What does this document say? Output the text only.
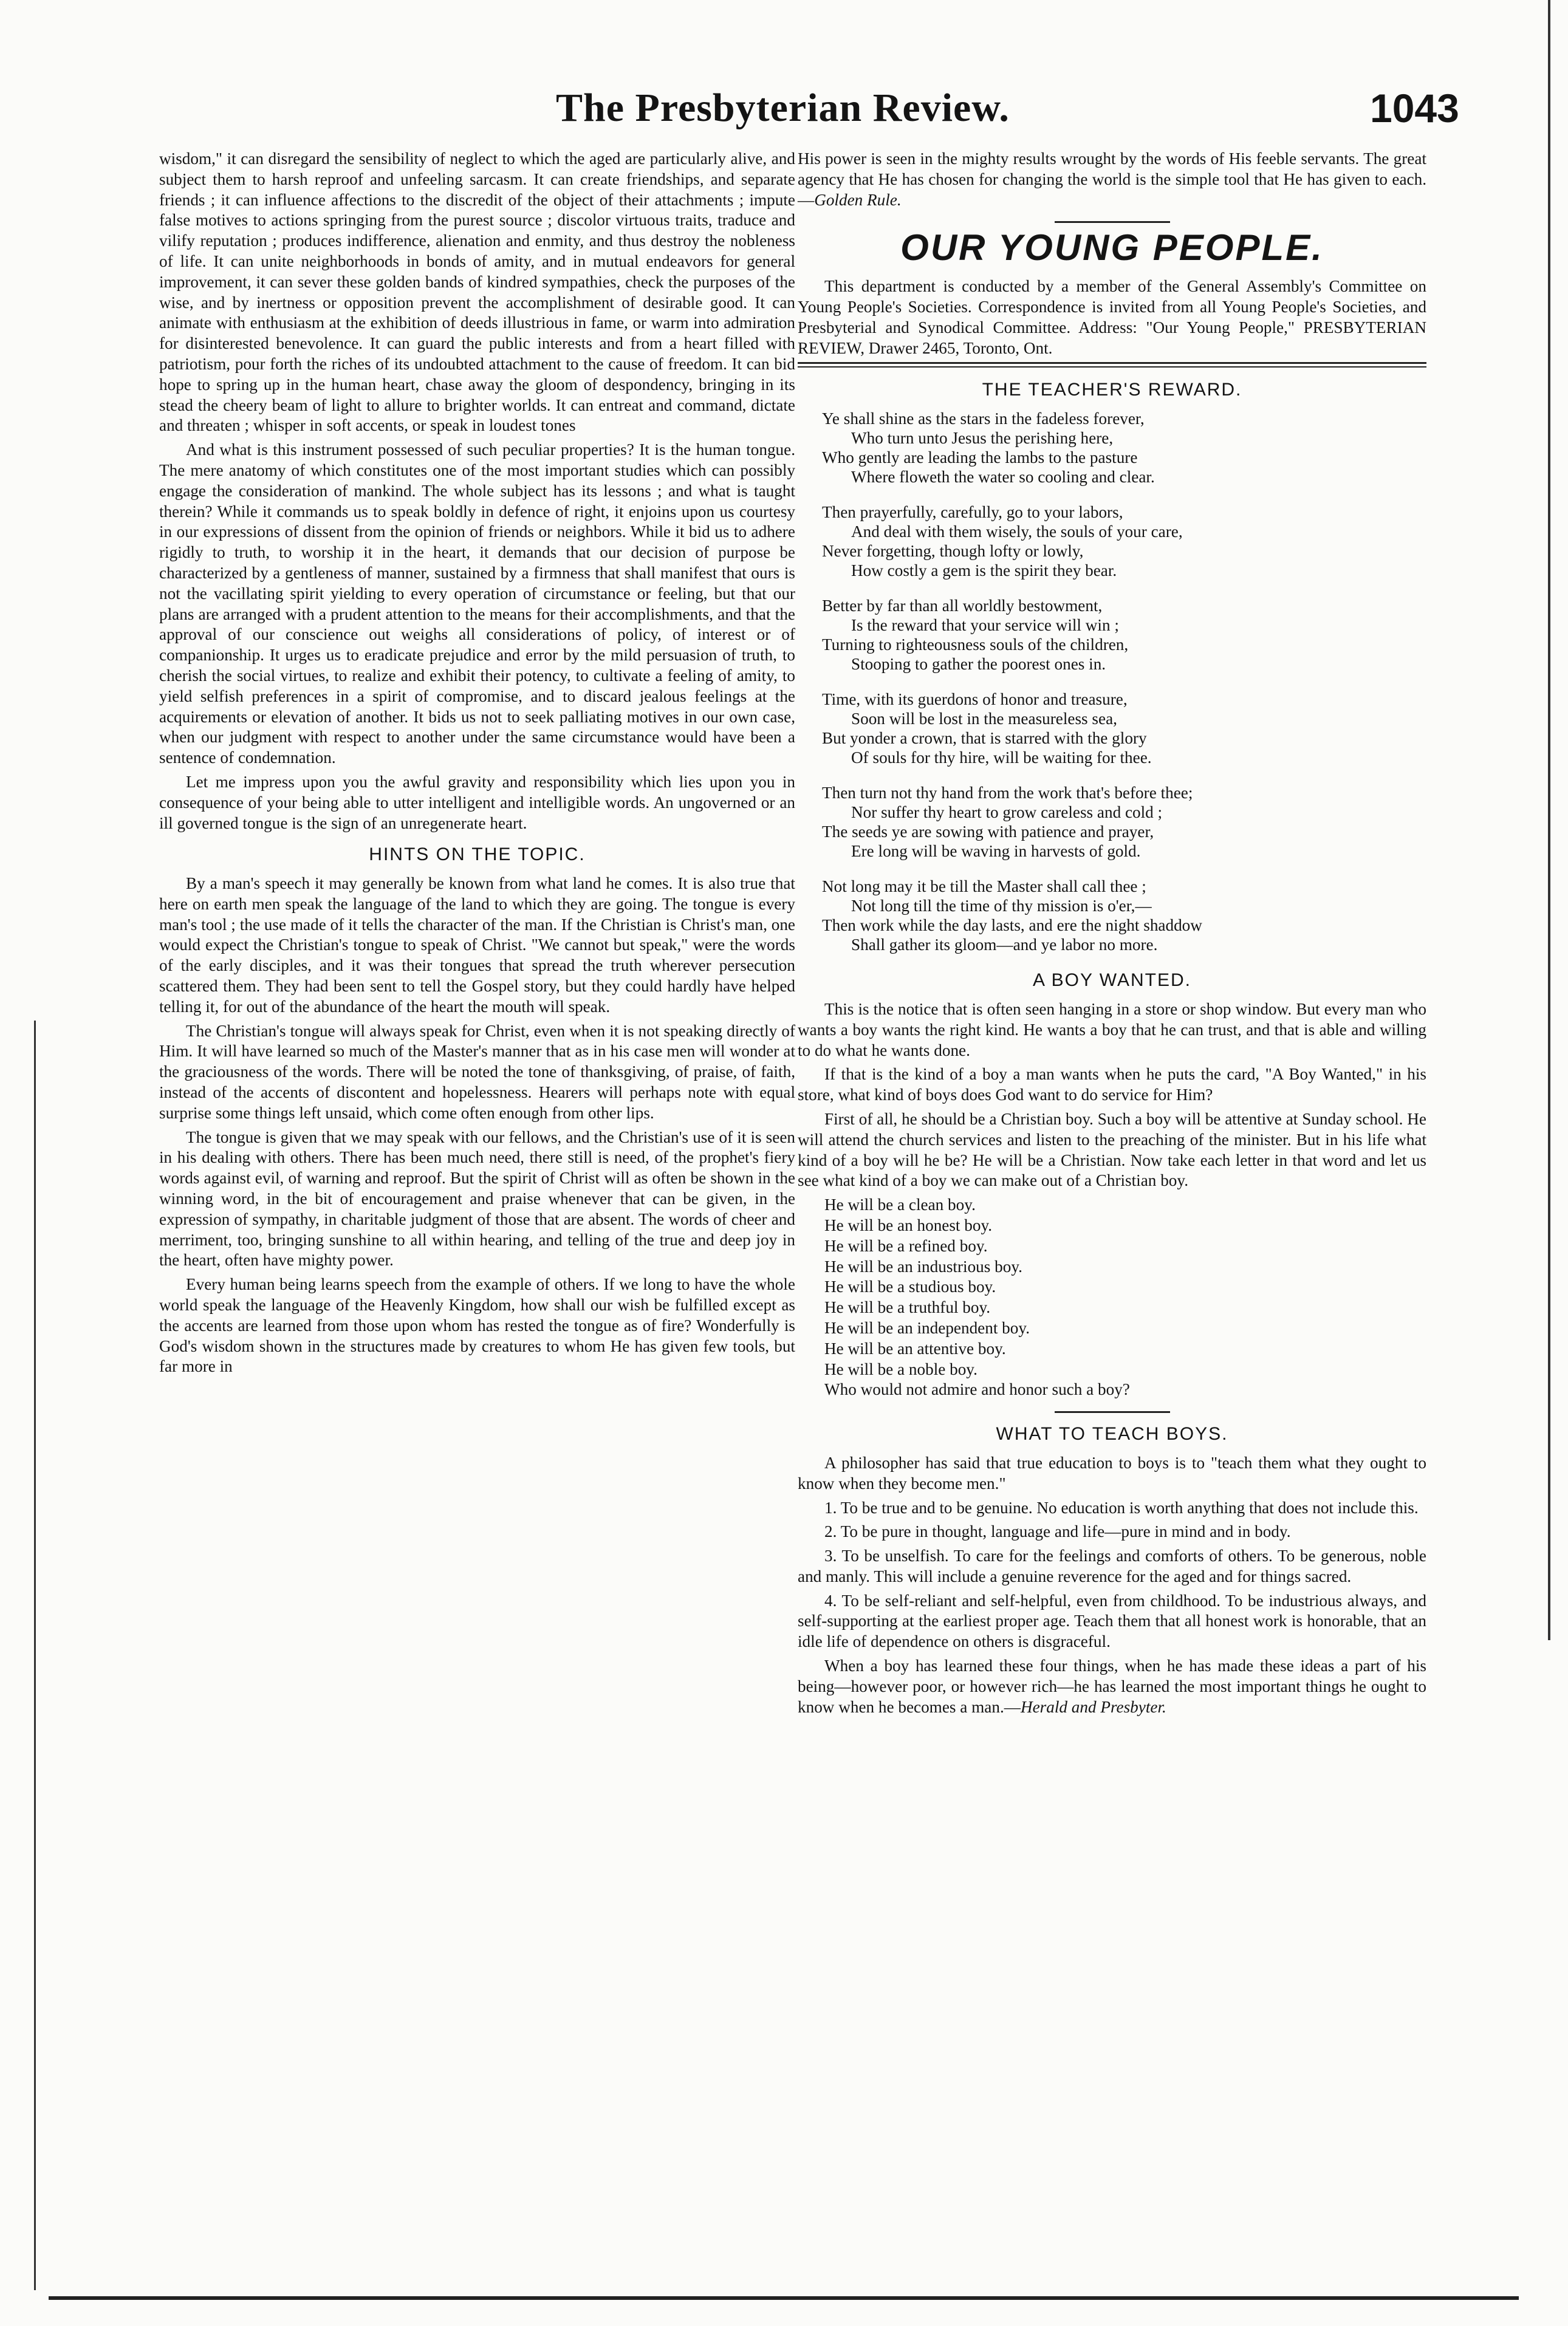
The Presbyterian Review.	1043

wisdom," it can disregard the sensibility of neglect to which the aged are particularly alive, and subject them to harsh reproof and unfeeling sarcasm. It can create friendships, and separate friends ; it can influence affections to the discredit of the object of their attachments ; impute false motives to actions springing from the purest source ; discolor virtuous traits, traduce and vilify reputation ; produces indifference, alienation and enmity, and thus destroy the nobleness of life. It can unite neighborhoods in bonds of amity, and in mutual endeavors for general improvement, it can sever these golden bands of kindred sympathies, check the purposes of the wise, and by inertness or opposition prevent the accomplishment of desirable good. It can animate with enthusiasm at the exhibition of deeds illustrious in fame, or warm into admiration for disinterested benevolence. It can guard the public interests and from a heart filled with patriotism, pour forth the riches of its undoubted attachment to the cause of freedom. It can bid hope to spring up in the human heart, chase away the gloom of despondency, bringing in its stead the cheery beam of light to allure to brighter worlds. It can entreat and command, dictate and threaten ; whisper in soft accents, or speak in loudest tones

And what is this instrument possessed of such peculiar properties? It is the human tongue. The mere anatomy of which constitutes one of the most important studies which can possibly engage the consideration of mankind. The whole subject has its lessons ; and what is taught therein? While it commands us to speak boldly in defence of right, it enjoins upon us courtesy in our expressions of dissent from the opinion of friends or neighbors. While it bid us to adhere rigidly to truth, to worship it in the heart, it demands that our decision of purpose be characterized by a gentleness of manner, sustained by a firmness that shall manifest that ours is not the vacillating spirit yielding to every operation of circumstance or feeling, but that our plans are arranged with a prudent attention to the means for their accomplishments, and that the approval of our conscience out weighs all considerations of policy, of interest or of companionship. It urges us to eradicate prejudice and error by the mild persuasion of truth, to cherish the social virtues, to realize and exhibit their potency, to cultivate a feeling of amity, to yield selfish preferences in a spirit of compromise, and to discard jealous feelings at the acquirements or elevation of another. It bids us not to seek palliating motives in our own case, when our judgment with respect to another under the same circumstance would have been a sentence of condemnation.

Let me impress upon you the awful gravity and responsibility which lies upon you in consequence of your being able to utter intelligent and intelligible words. An ungoverned or an ill governed tongue is the sign of an unregenerate heart.

HINTS ON THE TOPIC.

By a man's speech it may generally be known from what land he comes. It is also true that here on earth men speak the language of the land to which they are going. The tongue is every man's tool ; the use made of it tells the character of the man. If the Christian is Christ's man, one would expect the Christian's tongue to speak of Christ. "We cannot but speak," were the words of the early disciples, and it was their tongues that spread the truth wherever persecution scattered them. They had been sent to tell the Gospel story, but they could hardly have helped telling it, for out of the abundance of the heart the mouth will speak.

The Christian's tongue will always speak for Christ, even when it is not speaking directly of Him. It will have learned so much of the Master's manner that as in his case men will wonder at the graciousness of the words. There will be noted the tone of thanksgiving, of praise, of faith, instead of the accents of discontent and hopelessness. Hearers will perhaps note with equal surprise some things left unsaid, which come often enough from other lips.

The tongue is given that we may speak with our fellows, and the Christian's use of it is seen in his dealing with others. There has been much need, there still is need, of the prophet's fiery words against evil, of warning and reproof. But the spirit of Christ will as often be shown in the winning word, in the bit of encouragement and praise whenever that can be given, in the expression of sympathy, in charitable judgment of those that are absent. The words of cheer and merriment, too, bringing sunshine to all within hearing, and telling of the true and deep joy in the heart, often have mighty power.

Every human being learns speech from the example of others. If we long to have the whole world speak the language of the Heavenly Kingdom, how shall our wish be fulfilled except as the accents are learned from those upon whom has rested the tongue as of fire? Wonderfully is God's wisdom shown in the structures made by creatures to whom He has given few tools, but far more in

His power is seen in the mighty results wrought by the words of His feeble servants. The great agency that He has chosen for changing the world is the simple tool that He has given to each.—Golden Rule.

OUR YOUNG PEOPLE.

This department is conducted by a member of the General Assembly's Committee on Young People's Societies. Correspondence is invited from all Young People's Societies, and Presbyterial and Synodical Committee. Address: "Our Young People," PRESBYTERIAN REVIEW, Drawer 2465, Toronto, Ont.

THE TEACHER'S REWARD.
Ye shall shine as the stars in the fadeless forever,
Who turn unto Jesus the perishing here,
Who gently are leading the lambs to the pasture
Where floweth the water so cooling and clear.
Then prayerfully, carefully, go to your labors,
And deal with them wisely, the souls of your care,
Never forgetting, though lofty or lowly,
How costly a gem is the spirit they bear.
Better by far than all worldly bestowment,
Is the reward that your service will win ;
Turning to righteousness souls of the children,
Stooping to gather the poorest ones in.
Time, with its guerdons of honor and treasure,
Soon will be lost in the measureless sea,
But yonder a crown, that is starred with the glory
Of souls for thy hire, will be waiting for thee.
Then turn not thy hand from the work that's before thee;
Nor suffer thy heart to grow careless and cold ;
The seeds ye are sowing with patience and prayer,
Ere long will be waving in harvests of gold.
Not long may it be till the Master shall call thee ;
Not long till the time of thy mission is o'er,—
Then work while the day lasts, and ere the night shaddow
Shall gather its gloom—and ye labor no more.
A BOY WANTED.

This is the notice that is often seen hanging in a store or shop window. But every man who wants a boy wants the right kind. He wants a boy that he can trust, and that is able and willing to do what he wants done.

If that is the kind of a boy a man wants when he puts the card, "A Boy Wanted," in his store, what kind of boys does God want to do service for Him?

First of all, he should be a Christian boy. Such a boy will be attentive at Sunday school. He will attend the church services and listen to the preaching of the minister. But in his life what kind of a boy will he be? He will be a Christian. Now take each letter in that word and let us see what kind of a boy we can make out of a Christian boy.

He will be a clean boy.
He will be an honest boy.
He will be a refined boy.
He will be an industrious boy.
He will be a studious boy.
He will be a truthful boy.
He will be an independent boy.
He will be an attentive boy.
He will be a noble boy.
Who would not admire and honor such a boy?
WHAT TO TEACH BOYS.

A philosopher has said that true education to boys is to "teach them what they ought to know when they become men."

1. To be true and to be genuine. No education is worth anything that does not include this.

2. To be pure in thought, language and life—pure in mind and in body.

3. To be unselfish. To care for the feelings and comforts of others. To be generous, noble and manly. This will include a genuine reverence for the aged and for things sacred.

4. To be self-reliant and self-helpful, even from childhood. To be industrious always, and self-supporting at the earliest proper age. Teach them that all honest work is honorable, that an idle life of dependence on others is disgraceful.

When a boy has learned these four things, when he has made these ideas a part of his being—however poor, or however rich—he has learned the most important things he ought to know when he becomes a man.—Herald and Presbyter.
